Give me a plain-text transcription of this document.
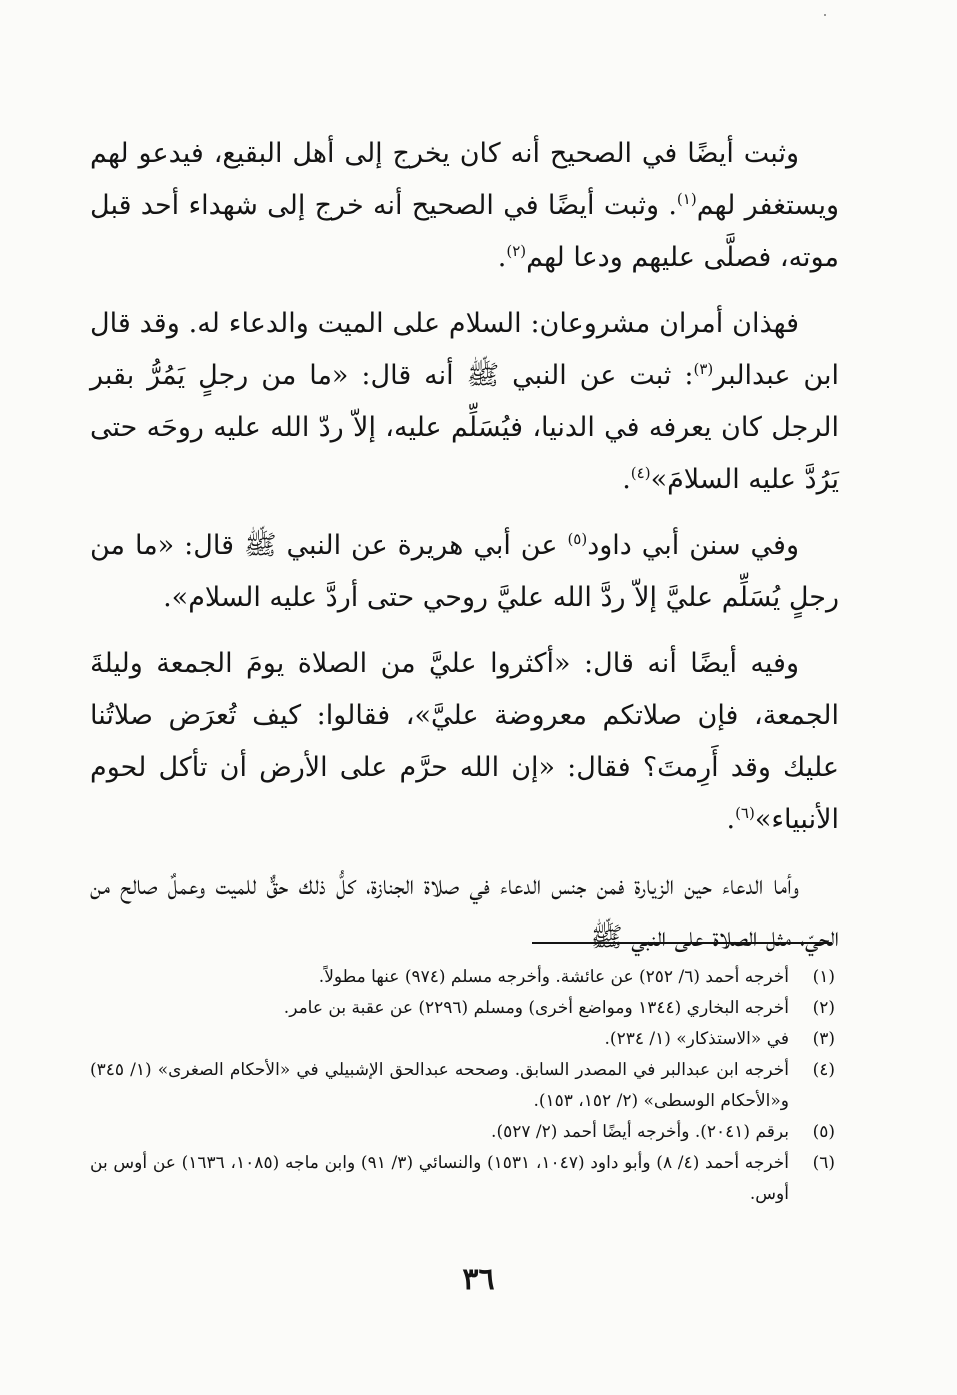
وثبت أيضًا في الصحيح أنه كان يخرج إلى أهل البقيع، فيدعو لهم ويستغفر لهم$^{(١)}$. وثبت أيضًا في الصحيح أنه خرج إلى شهداء أحد قبل موته، فصلَّى عليهم ودعا لهم$^{(٢)}$.

فهذان أمران مشروعان: السلام على الميت والدعاء له. وقد قال ابن عبدالبر$^{(٣)}$: ثبت عن النبي ﷺ أنه قال: «ما من رجلٍ يَمُرُّ بقبر الرجل كان يعرفه في الدنيا، فيُسَلِّم عليه، إلاّ ردّ الله عليه روحَه حتى يَرُدَّ عليه السلامَ»$^{(٤)}$.

وفي سنن أبي داود$^{(٥)}$ عن أبي هريرة عن النبي ﷺ قال: «ما من رجلٍ يُسَلِّم عليَّ إلاّ ردَّ الله عليَّ روحي حتى أردَّ عليه السلام».

وفيه أيضًا أنه قال: «أكثروا عليَّ من الصلاة يومَ الجمعة وليلةَ الجمعة، فإن صلاتكم معروضة عليَّ»، فقالوا: كيف تُعرَض صلاتُنا عليك وقد أَرِمتَ؟ فقال: «إن الله حرَّم على الأرض أن تأكل لحوم الأنبياء»$^{(٦)}$.

وأما الدعاء حين الزيارة فمن جنس الدعاء في صلاة الجنازة، كلُّ ذلك حقٌّ للميت وعملٌ صالح من الحيّ، مثل الصلاة على النبي ﷺ

(١)
أخرجه أحمد (٦/ ٢٥٢) عن عائشة. وأخرجه مسلم (٩٧٤) عنها مطولاً.
(٢)
أخرجه البخاري (١٣٤٤ ومواضع أخرى) ومسلم (٢٢٩٦) عن عقبة بن عامر.
(٣)
في «الاستذكار» (١/ ٢٣٤).
(٤)
أخرجه ابن عبدالبر في المصدر السابق. وصححه عبدالحق الإشبيلي في «الأحكام الصغرى» (١/ ٣٤٥) و«الأحكام الوسطى» (٢/ ١٥٢، ١٥٣).
(٥)
برقم (٢٠٤١). وأخرجه أيضًا أحمد (٢/ ٥٢٧).
(٦)
أخرجه أحمد (٤/ ٨) وأبو داود (١٠٤٧، ١٥٣١) والنسائي (٣/ ٩١) وابن ماجه (١٠٨٥، ١٦٣٦) عن أوس بن أوس.
٣٦
